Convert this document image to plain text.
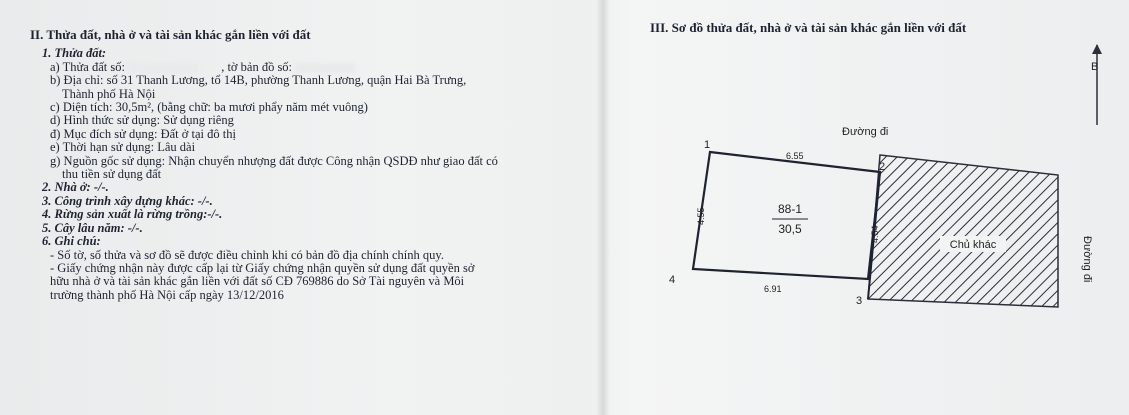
II. Thửa đất, nhà ở và tài sản khác gắn liền với đất
1. Thửa đất:
a) Thửa đất số:	, tờ bản đồ số:
b) Địa chỉ: số 31 Thanh Lương, tổ 14B, phường Thanh Lương, quận Hai Bà Trưng,
Thành phố Hà Nội
c) Diện tích: 30,5m², (bằng chữ: ba mươi phẩy năm mét vuông)
d) Hình thức sử dụng: Sử dụng riêng
đ) Mục đích sử dụng: Đất ở tại đô thị
e) Thời hạn sử dụng: Lâu dài
g) Nguồn gốc sử dụng: Nhận chuyển nhượng đất được Công nhận QSDĐ như giao đất có
thu tiền sử dụng đất
2. Nhà ở: -/-.
3. Công trình xây dựng khác: -/-.
4. Rừng sản xuất là rừng trồng:-/-.
5. Cây lâu năm: -/-.
6. Ghi chú:
- Số tờ, số thửa và sơ đồ sẽ được điều chỉnh khi có bản đồ địa chính chính quy.
- Giấy chứng nhận này được cấp lại từ Giấy chứng nhận quyền sử dụng đất quyền sở
hữu nhà ở và tài sản khác gắn liền với đất số CĐ 769886 do Sở Tài nguyên và Môi
trường thành phố Hà Nội cấp ngày 13/12/2016
III. Sơ đồ thửa đất, nhà ở và tài sản khác gắn liền với đất
B
1
2
3
4
6.55
6.91
4.55
4.54
88-1
30,5
Chủ khác
Đường đi
Đường đi
